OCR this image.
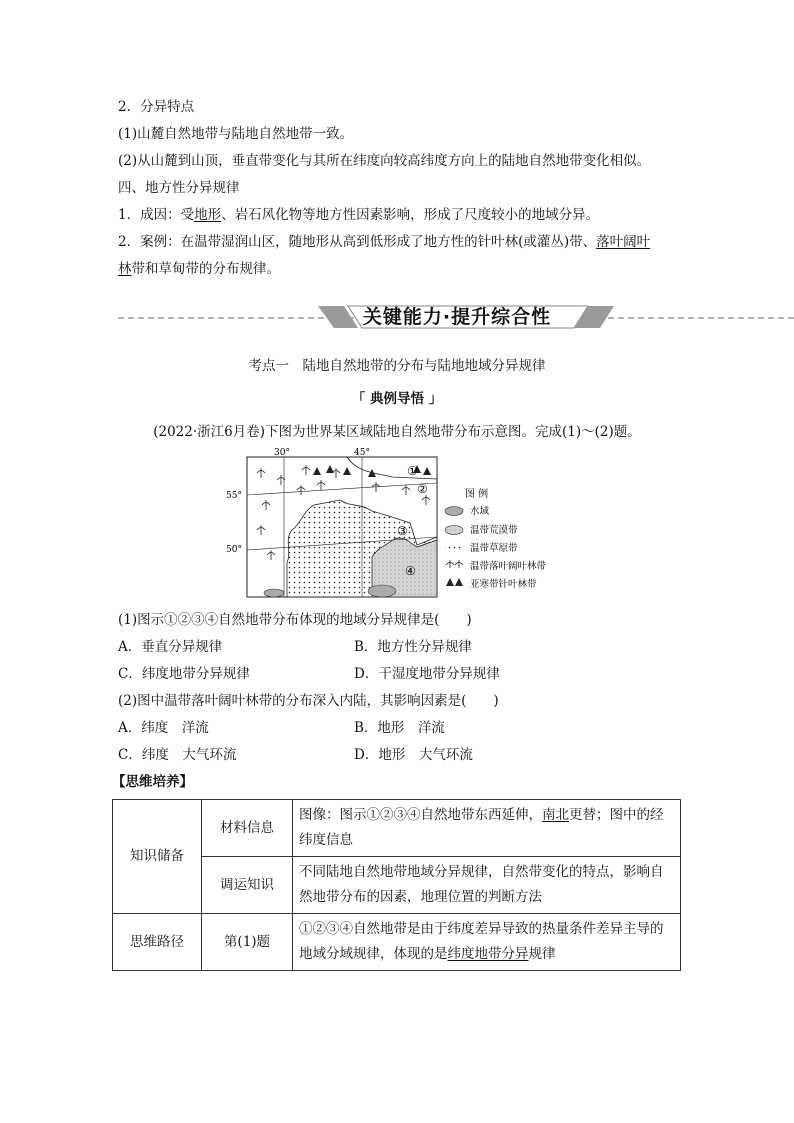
2．分异特点
(1)山麓自然地带与陆地自然地带一致。
(2)从山麓到山顶，垂直带变化与其所在纬度向较高纬度方向上的陆地自然地带变化相似。
四、地方性分异规律
1．成因：受地形、岩石风化物等地方性因素影响，形成了尺度较小的地域分异。
2．案例：在温带湿润山区，随地形从高到低形成了地方性的针叶林(或灌丛)带、落叶阔叶
林带和草甸带的分布规律。
关键能力·提升综合性
考点一　陆地自然地带的分布与陆地地域分异规律
「 典例导悟 」
(2022·浙江6月卷)下图为世界某区域陆地自然地带分布示意图。完成(1)～(2)题。
30°	45°
55°
50°
①
②
③
④
图 例
水域
温带荒漠带
温带草原带
温带落叶阔叶林带
亚寒带针叶林带
(1)图示①②③④自然地带分布体现的地域分异规律是(　　)
A．垂直分异规律	B．地方性分异规律
C．纬度地带分异规律	D．干湿度地带分异规律
(2)图中温带落叶阔叶林带的分布深入内陆，其影响因素是(　　)
A．纬度　洋流	B．地形　洋流
C．纬度　大气环流	D．地形　大气环流
【思维培养】
知识储备	材料信息	图像：图示①②③④自然地带东西延伸，南北更替；图中的经纬度信息
	调运知识	不同陆地自然地带地域分异规律，自然带变化的特点，影响自然地带分布的因素，地理位置的判断方法
思维路径	第(1)题	①②③④自然地带是由于纬度差异导致的热量条件差异主导的地域分域规律，体现的是纬度地带分异规律
